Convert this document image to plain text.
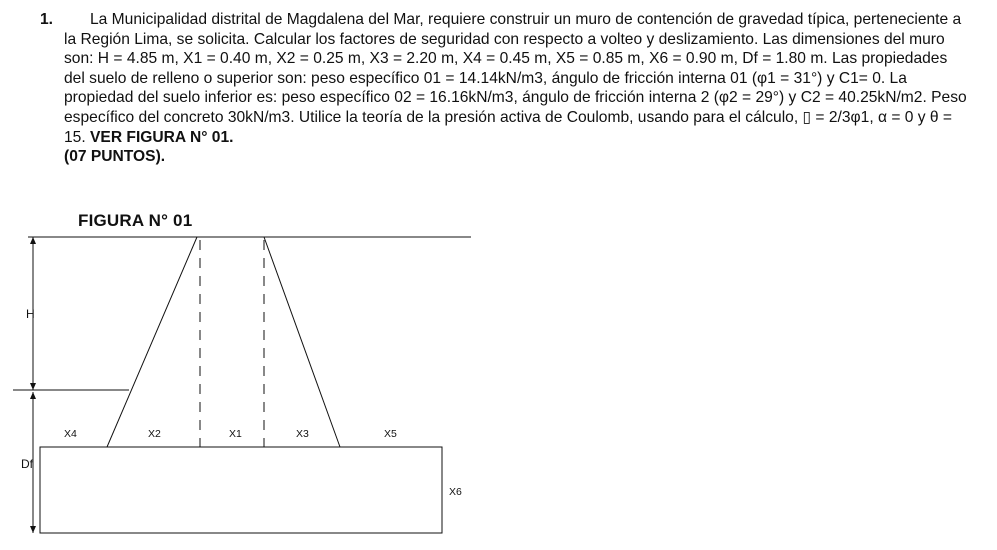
1.	La Municipalidad distrital de Magdalena del Mar, requiere construir un muro de contención de gravedad típica, perteneciente a la Región Lima, se solicita. Calcular los factores de seguridad con respecto a volteo y deslizamiento. Las dimensiones del muro son: H = 4.85 m, X1 = 0.40 m, X2 = 0.25 m, X3 = 2.20 m, X4 = 0.45 m, X5 = 0.85 m, X6 = 0.90 m, Df = 1.80 m. Las propiedades del suelo de relleno o superior son: peso específico 01 = 14.14kN/m3, ángulo de fricción interna 01 (φ1 = 31°) y C1= 0. La propiedad del suelo inferior es: peso específico 02 = 16.16kN/m3, ángulo de fricción interna 2 (φ2 = 29°) y C2 = 40.25kN/m2. Peso específico del concreto 30kN/m3. Utilice la teoría de la presión activa de Coulomb, usando para el cálculo, ▯ = 2/3φ1, α = 0 y θ = 15. VER FIGURA N° 01.
(07 PUNTOS).
FIGURA N° 01
H
Df
X4	X2	X1	X3	X5
X6
